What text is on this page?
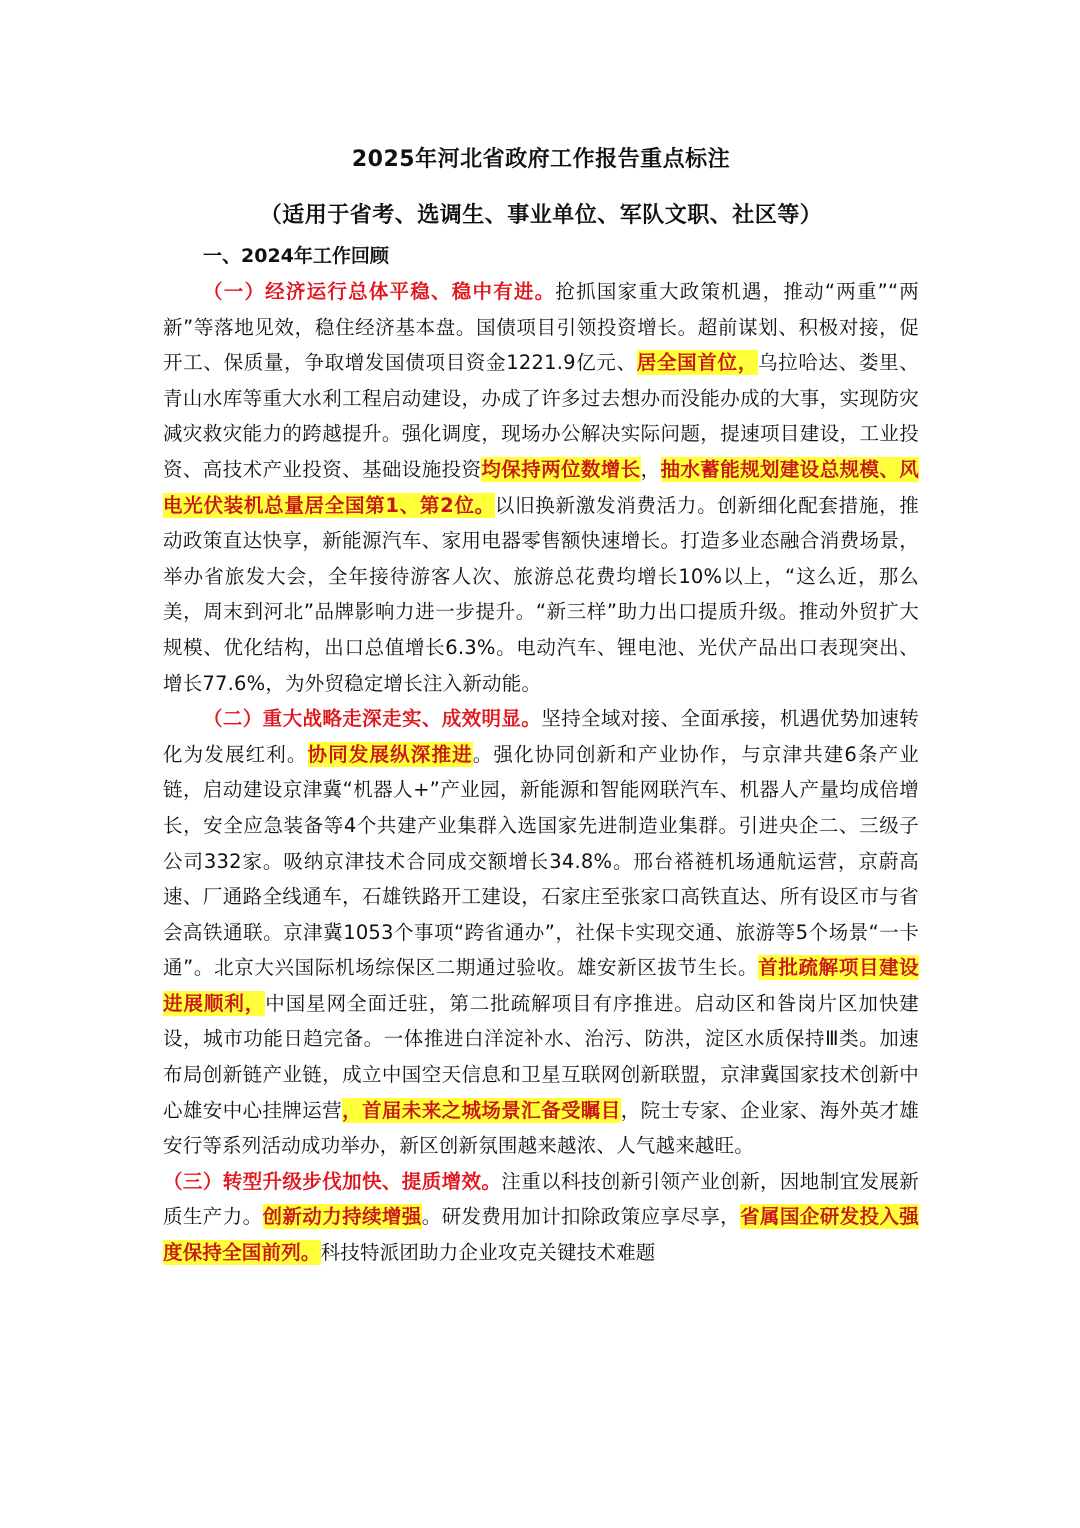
2025年河北省政府工作报告重点标注
（适用于省考、选调生、事业单位、军队文职、社区等）

一、2024年工作回顾

（一）经济运行总体平稳、稳中有进。抢抓国家重大政策机遇，推动“两重”“两新”等落地见效，稳住经济基本盘。国债项目引领投资增长。超前谋划、积极对接，促开工、保质量，争取增发国债项目资金1221.9亿元、居全国首位，乌拉哈达、娄里、青山水库等重大水利工程启动建设，办成了许多过去想办而没能办成的大事，实现防灾减灾救灾能力的跨越提升。强化调度，现场办公解决实际问题，提速项目建设，工业投资、高技术产业投资、基础设施投资均保持两位数增长，抽水蓄能规划建设总规模、风电光伏装机总量居全国第1、第2位。以旧换新激发消费活力。创新细化配套措施，推动政策直达快享，新能源汽车、家用电器零售额快速增长。打造多业态融合消费场景，举办省旅发大会，全年接待游客人次、旅游总花费均增长10%以上，“这么近，那么美，周末到河北”品牌影响力进一步提升。“新三样”助力出口提质升级。推动外贸扩大规模、优化结构，出口总值增长6.3%。电动汽车、锂电池、光伏产品出口表现突出、增长77.6%，为外贸稳定增长注入新动能。

（二）重大战略走深走实、成效明显。坚持全域对接、全面承接，机遇优势加速转化为发展红利。协同发展纵深推进。强化协同创新和产业协作，与京津共建6条产业链，启动建设京津冀“机器人+”产业园，新能源和智能网联汽车、机器人产量均成倍增长，安全应急装备等4个共建产业集群入选国家先进制造业集群。引进央企二、三级子公司332家。吸纳京津技术合同成交额增长34.8%。邢台褡裢机场通航运营，京蔚高速、厂通路全线通车，石雄铁路开工建设，石家庄至张家口高铁直达、所有设区市与省会高铁通联。京津冀1053个事项“跨省通办”，社保卡实现交通、旅游等5个场景“一卡通”。北京大兴国际机场综保区二期通过验收。雄安新区拔节生长。首批疏解项目建设进展顺利，中国星网全面迁驻，第二批疏解项目有序推进。启动区和昝岗片区加快建设，城市功能日趋完备。一体推进白洋淀补水、治污、防洪，淀区水质保持Ⅲ类。加速布局创新链产业链，成立中国空天信息和卫星互联网创新联盟，京津冀国家技术创新中心雄安中心挂牌运营，首届未来之城场景汇备受瞩目，院士专家、企业家、海外英才雄安行等系列活动成功举办，新区创新氛围越来越浓、人气越来越旺。

（三）转型升级步伐加快、提质增效。注重以科技创新引领产业创新，因地制宜发展新质生产力。创新动力持续增强。研发费用加计扣除政策应享尽享，省属国企研发投入强度保持全国前列。科技特派团助力企业攻克关键技术难题
